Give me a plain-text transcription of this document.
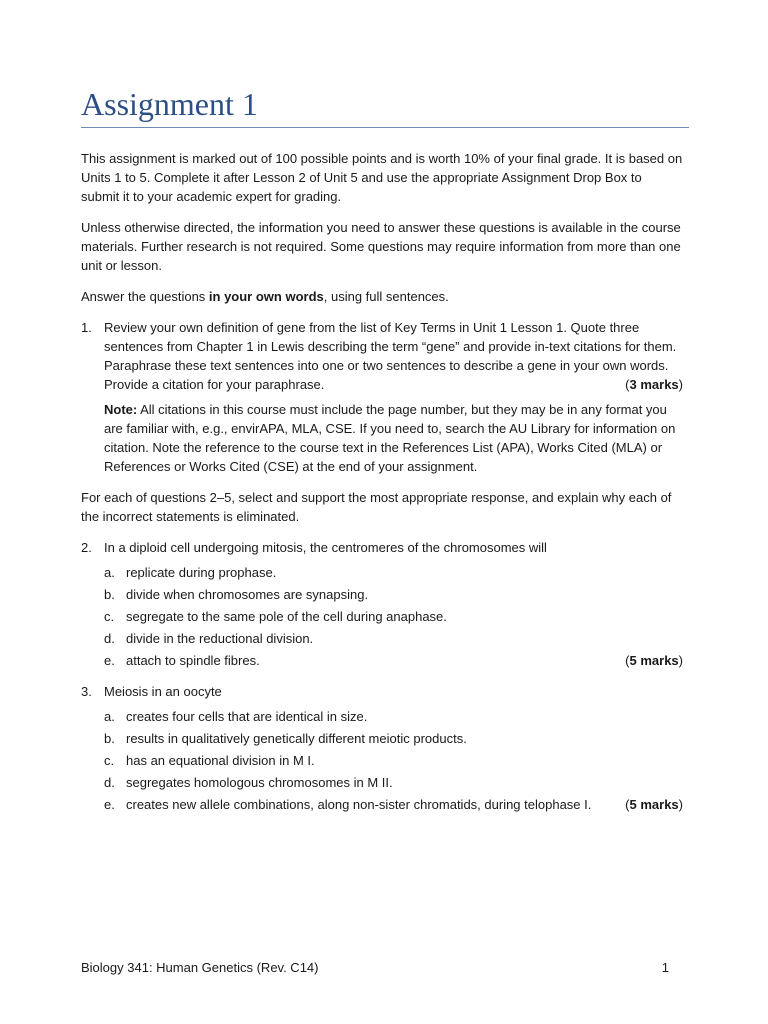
Assignment 1

This assignment is marked out of 100 possible points and is worth 10% of your final grade. It is based on Units 1 to 5. Complete it after Lesson 2 of Unit 5 and use the appropriate Assignment Drop Box to submit it to your academic expert for grading.

Unless otherwise directed, the information you need to answer these questions is available in the course materials. Further research is not required. Some questions may require information from more than one unit or lesson.

Answer the questions in your own words, using full sentences.

1. Review your own definition of gene from the list of Key Terms in Unit 1 Lesson 1. Quote three sentences from Chapter 1 in Lewis describing the term “gene” and provide in-text citations for them. Paraphrase these text sentences into one or two sentences to describe a gene in your own words. Provide a citation for your paraphrase.	(3 marks)

Note: All citations in this course must include the page number, but they may be in any format you are familiar with, e.g., envirAPA, MLA, CSE. If you need to, search the AU Library for information on citation. Note the reference to the course text in the References List (APA), Works Cited (MLA) or References or Works Cited (CSE) at the end of your assignment.

For each of questions 2–5, select and support the most appropriate response, and explain why each of the incorrect statements is eliminated.

2. In a diploid cell undergoing mitosis, the centromeres of the chromosomes will

a. replicate during prophase.
b. divide when chromosomes are synapsing.
c. segregate to the same pole of the cell during anaphase.
d. divide in the reductional division.
e. attach to spindle fibres.	(5 marks)
3. Meiosis in an oocyte

a. creates four cells that are identical in size.
b. results in qualitatively genetically different meiotic products.
c. has an equational division in M I.
d. segregates homologous chromosomes in M II.
e. creates new allele combinations, along non-sister chromatids, during telophase I.	(5 marks)
Biology 341: Human Genetics (Rev. C14)	1
